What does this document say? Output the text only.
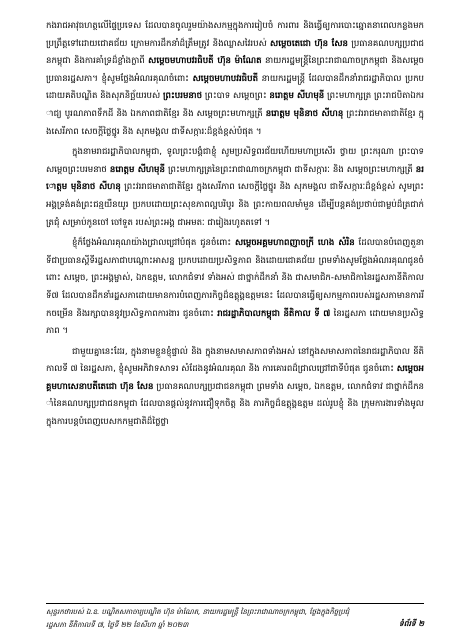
កងរាជអាវុធហត្ថលើផ្ទៃប្រទេស ដែលបានចូលរួមយ៉ាងសកម្មក្នុងការរៀបចំ ការពារ និងធ្វើឲ្យការបោះឆ្នោតនាពេលកន្លងមកប្រព្រឹត្តទៅដោយជោគជ័យ ក្រោមការដឹកនាំដ៏ត្រឹមត្រូវ និងឈ្លាសវៃរបស់ សម្តេចតេជោ ហ៊ុន សែន ប្រធានគណបក្សប្រជាជនកម្ពុជា និងការគាំទ្រដ៏ខ្លាំងក្លាពី សម្តេចមហាបវរធិបតី ហ៊ុន ម៉ាណែត នាយករដ្ឋមន្ត្រីនៃព្រះរាជាណាចក្រកម្ពុជា និងសម្តេចប្រធានរដ្ឋសភា។ ខ្ញុំសូមថ្លែងអំណរគុណចំពោះ សម្តេចមហាបវរធិបតី នាយករដ្ឋមន្ត្រី ដែលបានដឹកនាំរាជរដ្ឋាភិបាល ប្រកបដោយគតិបណ្ឌិត និងសុភនិច្ឆ័យរបស់ ព្រះបរមនាថ ព្រះបាទ សម្តេចព្រះ នរោត្តម សីហមុនី ព្រះមហាក្សត្រ ព្រះរាជបិតាឯករាជ្យ បូរណភាពទឹកដី និង ឯកភាពជាតិខ្មែរ និង សម្តេចព្រះមហាក្សត្រី នរោត្តម មុនិនាថ សីហនុ ព្រះវររាជមាតាជាតិខ្មែរ ក្នុងសេរីភាព សេចក្តីថ្លៃថ្នូរ និង សុភមង្គល ជាទីសក្ការៈដ៏ខ្ពង់ខ្ពស់បំផុត ។

ក្នុងនាមរាជរដ្ឋាភិបាលកម្ពុជា, ទូលព្រះបង្គំជាខ្ញុំ សូមប្រសិទ្ធពរជ័យហើយមហាប្រសើរ ថ្វាយ ព្រះករុណា ព្រះបាទ សម្តេចព្រះបរមនាថ នរោត្តម សីហមុនី ព្រះមហាក្សត្រនៃព្រះរាជាណាចក្រកម្ពុជា ជាទីសក្ការៈ និង សម្តេចព្រះមហាក្សត្រី នរោត្តម មុនិនាថ សីហនុ ព្រះវររាជមាតាជាតិខ្មែរ ក្នុងសេរីភាព សេចក្តីថ្លៃថ្នូរ និង សុភមង្គល ជាទីសក្ការៈដ៏ខ្ពង់ខ្ពស់ សូមព្រះអង្គទ្រង់គង់ព្រះជន្មយឺនយូរ ប្រកបដោយព្រះសុខភាពល្អបរិបូរ និង ព្រះកាយពលមាំមួន ដើម្បីបន្តគង់ប្រថាប់ជាម្លប់ដ៏ត្រជាក់ត្រជុំ សម្រាប់កូនចៅ ចៅទួត របស់ព្រះអង្គ ជាអមតៈ ជារៀងរហូតតទៅ ។

ខ្ញុំក៏ថ្លែងអំណរគុណយ៉ាងជ្រាលជ្រៅបំផុត ជូនចំពោះ សម្តេចអគ្គមហាពញាចក្រី ហេង សំរិន ដែលបានបំពេញតួនាទីជាប្រធានស្តីទីរដ្ឋសភាជាបណ្តោះអាសន្ន ប្រកបដោយប្រសិទ្ធភាព និងដោយជោគជ័យ ព្រមទាំងសូមថ្លែងអំណរគុណជូនចំពោះ សម្តេច, ព្រះអង្គម្ចាស់, ឯកឧត្តម, លោកជំទាវ ទាំងអស់ ជាថ្នាក់ដឹកនាំ និង ជាសមាជិក-សមាជិកានៃរដ្ឋសភានីតិកាលទី៧ ដែលបានដឹកនាំរដ្ឋសភាដោយមានការបំពេញភារកិច្ចដ៏ឧត្តុង្គឧត្តមនេះ ដែលបានធ្វើឲ្យសកម្មភាពរបស់រដ្ឋសភាមានការរីកចម្រើន និងរក្សាបាននូវប្រសិទ្ធភាពការងារ ជូនចំពោះ រាជរដ្ឋាភិបាលកម្ពុជា នីតិកាល ទី ៧ នៃរដ្ឋសភា ដោយមានប្រសិទ្ធភាព ។

ជាមួយគ្នានេះដែរ, ក្នុងនាមខ្លួនខ្ញុំផ្ទាល់ និង ក្នុងនាមសមាសភាពទាំងអស់ នៅក្នុងសមាសភាពនៃរាជរដ្ឋាភិបាល នីតិកាលទី ៧ នៃរដ្ឋសភា, ខ្ញុំសូមអភិវាទសាទរ សំដែងនូវអំណរគុណ និង ការគោរពដ៏ជ្រាលជ្រៅជាទីបំផុត ជូនចំពោះ សម្តេចអគ្គមហាសេនាបតីតេជោ ហ៊ុន សែន ប្រធានគណបក្សប្រជាជនកម្ពុជា ព្រមទាំង សម្តេច, ឯកឧត្តម, លោកជំទាវ ជាថ្នាក់ដឹកនាំនៃគណបក្សប្រជាជនកម្ពុជា ដែលបានផ្តល់នូវការជឿទុកចិត្ត និង ភារកិច្ចដ៏ឧត្តុង្គឧត្តម ដល់រូបខ្ញុំ និង ក្រុមការងារទាំងមូល ក្នុងការបន្តបំពេញបេសកកម្មជាតិដ៏ថ្លៃថ្លា

សុន្ទរកថារបស់ ឯ.ឧ. បណ្ឌិតសភាចារ្យបណ្ឌិត ហ៊ុន ម៉ាណែត, នាយករដ្ឋមន្ត្រី នៃព្រះរាជាណាចក្រកម្ពុជា, ថ្លែងក្នុងកិច្ចប្រជុំ
រដ្ឋសភា នីតិកាលទី ៧, ថ្ងៃទី ២២ ខែសីហា ឆ្នាំ ២០២៣	ទំព័រទី ២
